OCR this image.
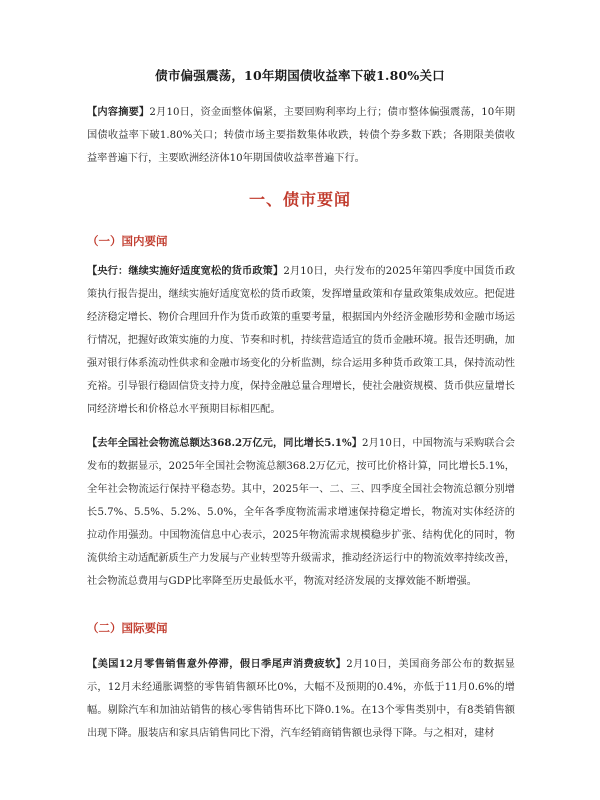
债市偏强震荡，10年期国债收益率下破1.80%关口
【内容摘要】2月10日，资金面整体偏紧，主要回购利率均上行；债市整体偏强震荡，10年期国债收益率下破1.80%关口；转债市场主要指数集体收跌，转债个券多数下跌；各期限美债收益率普遍下行，主要欧洲经济体10年期国债收益率普遍下行。
一、债市要闻
（一）国内要闻
【央行：继续实施好适度宽松的货币政策】2月10日，央行发布的2025年第四季度中国货币政策执行报告提出，继续实施好适度宽松的货币政策，发挥增量政策和存量政策集成效应。把促进经济稳定增长、物价合理回升作为货币政策的重要考量，根据国内外经济金融形势和金融市场运行情况，把握好政策实施的力度、节奏和时机，持续营造适宜的货币金融环境。报告还明确，加强对银行体系流动性供求和金融市场变化的分析监测，综合运用多种货币政策工具，保持流动性充裕。引导银行稳固信贷支持力度，保持金融总量合理增长，使社会融资规模、货币供应量增长同经济增长和价格总水平预期目标相匹配。
【去年全国社会物流总额达368.2万亿元，同比增长5.1%】2月10日，中国物流与采购联合会发布的数据显示，2025年全国社会物流总额368.2万亿元，按可比价格计算，同比增长5.1%，全年社会物流运行保持平稳态势。其中，2025年一、二、三、四季度全国社会物流总额分别增长5.7%、5.5%、5.2%、5.0%，全年各季度物流需求增速保持稳定增长，物流对实体经济的拉动作用强劲。中国物流信息中心表示，2025年物流需求规模稳步扩张、结构优化的同时，物流供给主动适配新质生产力发展与产业转型等升级需求，推动经济运行中的物流效率持续改善，社会物流总费用与GDP比率降至历史最低水平，物流对经济发展的支撑效能不断增强。
（二）国际要闻
【美国12月零售销售意外停滞，假日季尾声消费疲软】2月10日，美国商务部公布的数据显示，12月未经通胀调整的零售销售额环比0%，大幅不及预期的0.4%，亦低于11月0.6%的增幅。剔除汽车和加油站销售的核心零售销售环比下降0.1%。在13个零售类别中，有8类销售额出现下降。服装店和家具店销售同比下滑，汽车经销商销售额也录得下降。与之相对，建材
